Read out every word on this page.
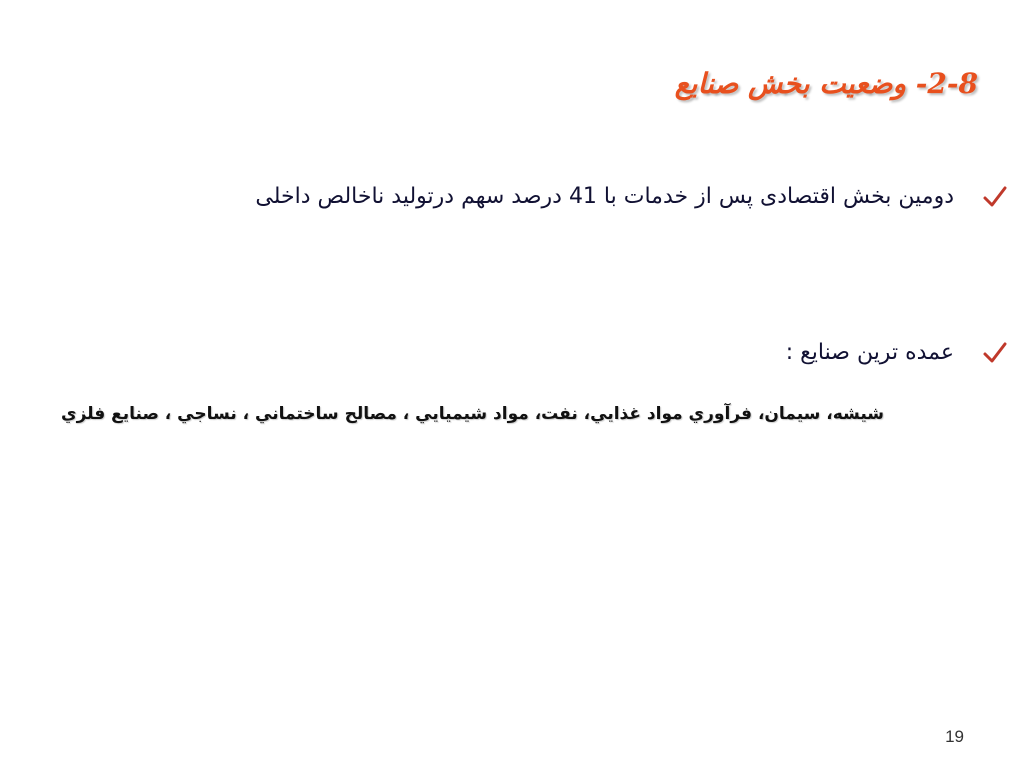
2-8- وضعيت بخش صنايع
دومین بخش اقتصادی پس از خدمات با 41 درصد سهم درتولید ناخالص داخلی
عمده ترین صنایع :
شيشه، سيمان، فرآوري مواد غذايي، نفت، مواد شيميايي ، مصالح ساختماني ، نساجي ، صنايع فلزي
19
